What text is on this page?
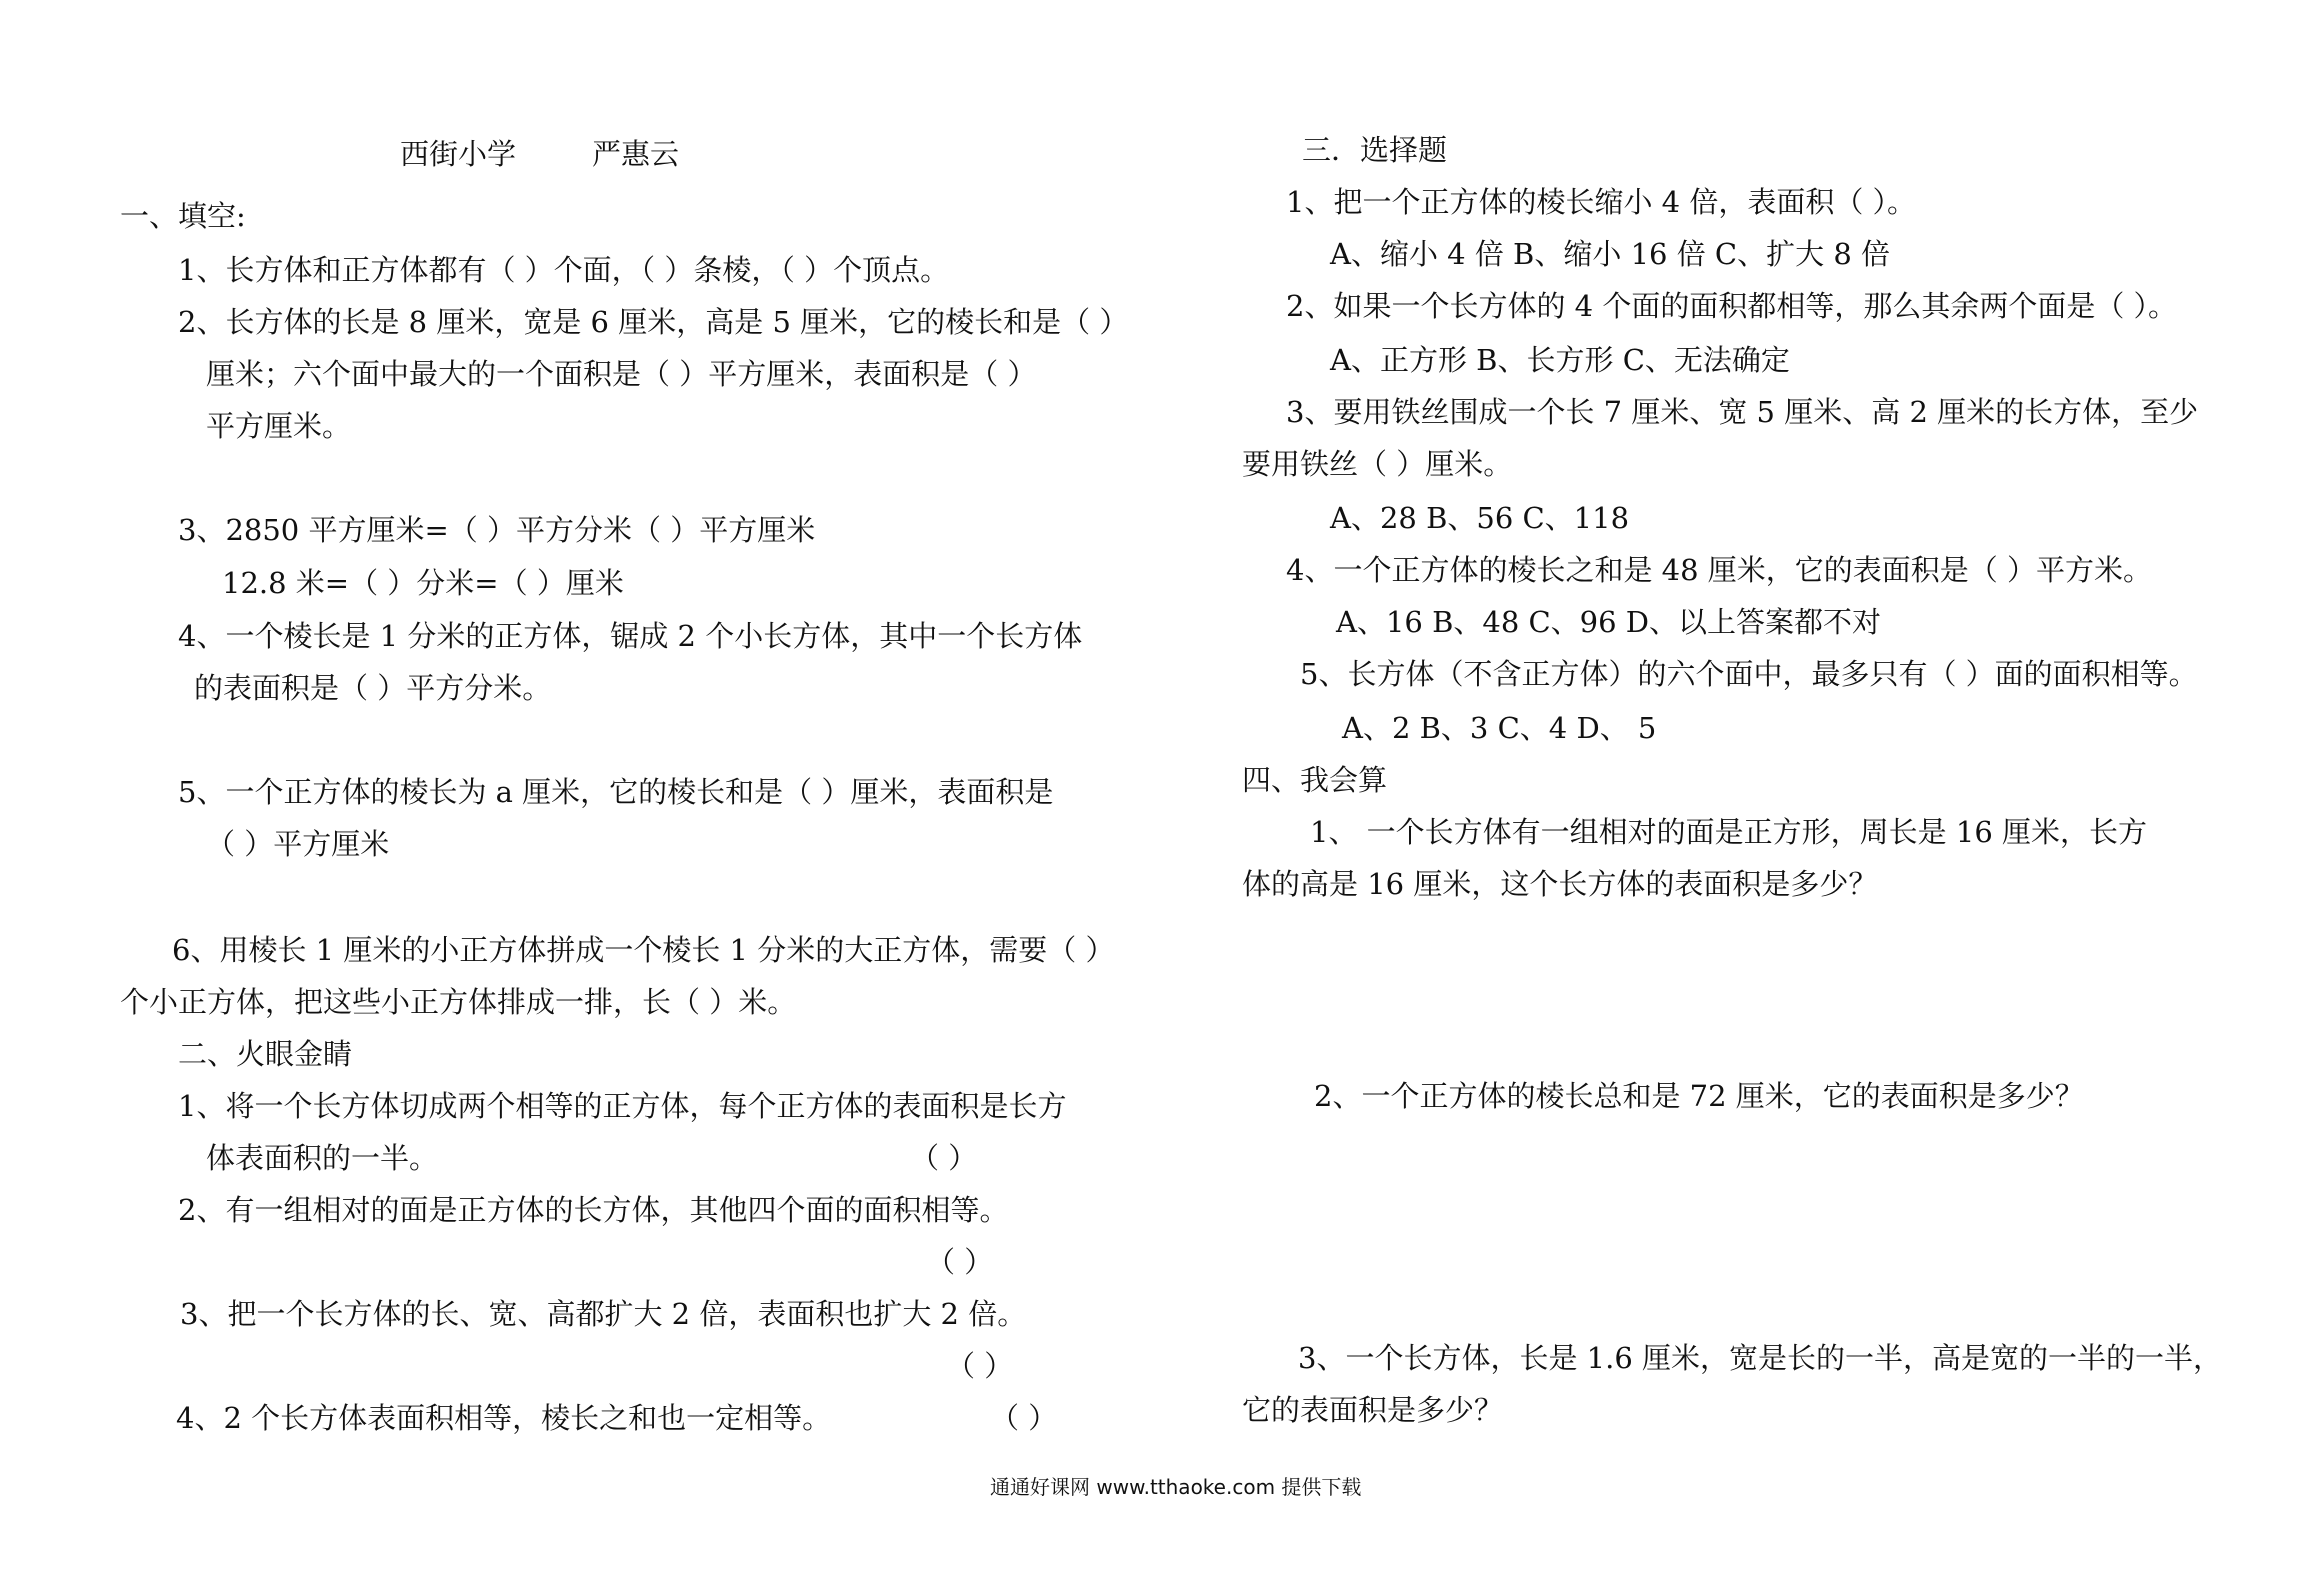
西街小学	严惠云
一、填空:
1、长方体和正方体都有（ ）个面，（ ）条棱，（ ）个顶点。
2、长方体的长是 8 厘米，宽是 6 厘米，高是 5 厘米，它的棱长和是（ ）
厘米；六个面中最大的一个面积是（ ）平方厘米，表面积是（ ）
平方厘米。
3、2850 平方厘米=（ ）平方分米（ ）平方厘米
12.8 米=（ ）分米=（ ）厘米
4、一个棱长是 1 分米的正方体，锯成 2 个小长方体，其中一个长方体
的表面积是（ ）平方分米。
5、一个正方体的棱长为 a 厘米，它的棱长和是（ ）厘米，表面积是
（ ）平方厘米
6、用棱长 1 厘米的小正方体拼成一个棱长 1 分米的大正方体，需要（ ）
个小正方体，把这些小正方体排成一排，长（ ）米。
二、火眼金睛
1、将一个长方体切成两个相等的正方体，每个正方体的表面积是长方
体表面积的一半。	（ ）
2、有一组相对的面是正方体的长方体，其他四个面的面积相等。
（ ）
3、把一个长方体的长、宽、高都扩大 2 倍，表面积也扩大 2 倍。
（ ）
4、2 个长方体表面积相等，棱长之和也一定相等。	（ ）
三．选择题
1、把一个正方体的棱长缩小 4 倍，表面积（ ）。
A、缩小 4 倍 B、缩小 16 倍 C、扩大 8 倍
2、如果一个长方体的 4 个面的面积都相等，那么其余两个面是（ ）。
A、正方形 B、长方形 C、无法确定
3、要用铁丝围成一个长 7 厘米、宽 5 厘米、高 2 厘米的长方体，至少
要用铁丝（ ）厘米。
A、28 B、56 C、118
4、一个正方体的棱长之和是 48 厘米，它的表面积是（ ）平方米。
A、16 B、48 C、96 D、以上答案都不对
5、长方体（不含正方体）的六个面中，最多只有（ ）面的面积相等。
A、2 B、3 C、4 D、 5
四、我会算
1、 一个长方体有一组相对的面是正方形，周长是 16 厘米，长方
体的高是 16 厘米，这个长方体的表面积是多少？
2、一个正方体的棱长总和是 72 厘米，它的表面积是多少？
3、一个长方体，长是 1.6 厘米，宽是长的一半，高是宽的一半的一半，
它的表面积是多少？
通通好课网 www.tthaoke.com 提供下载
